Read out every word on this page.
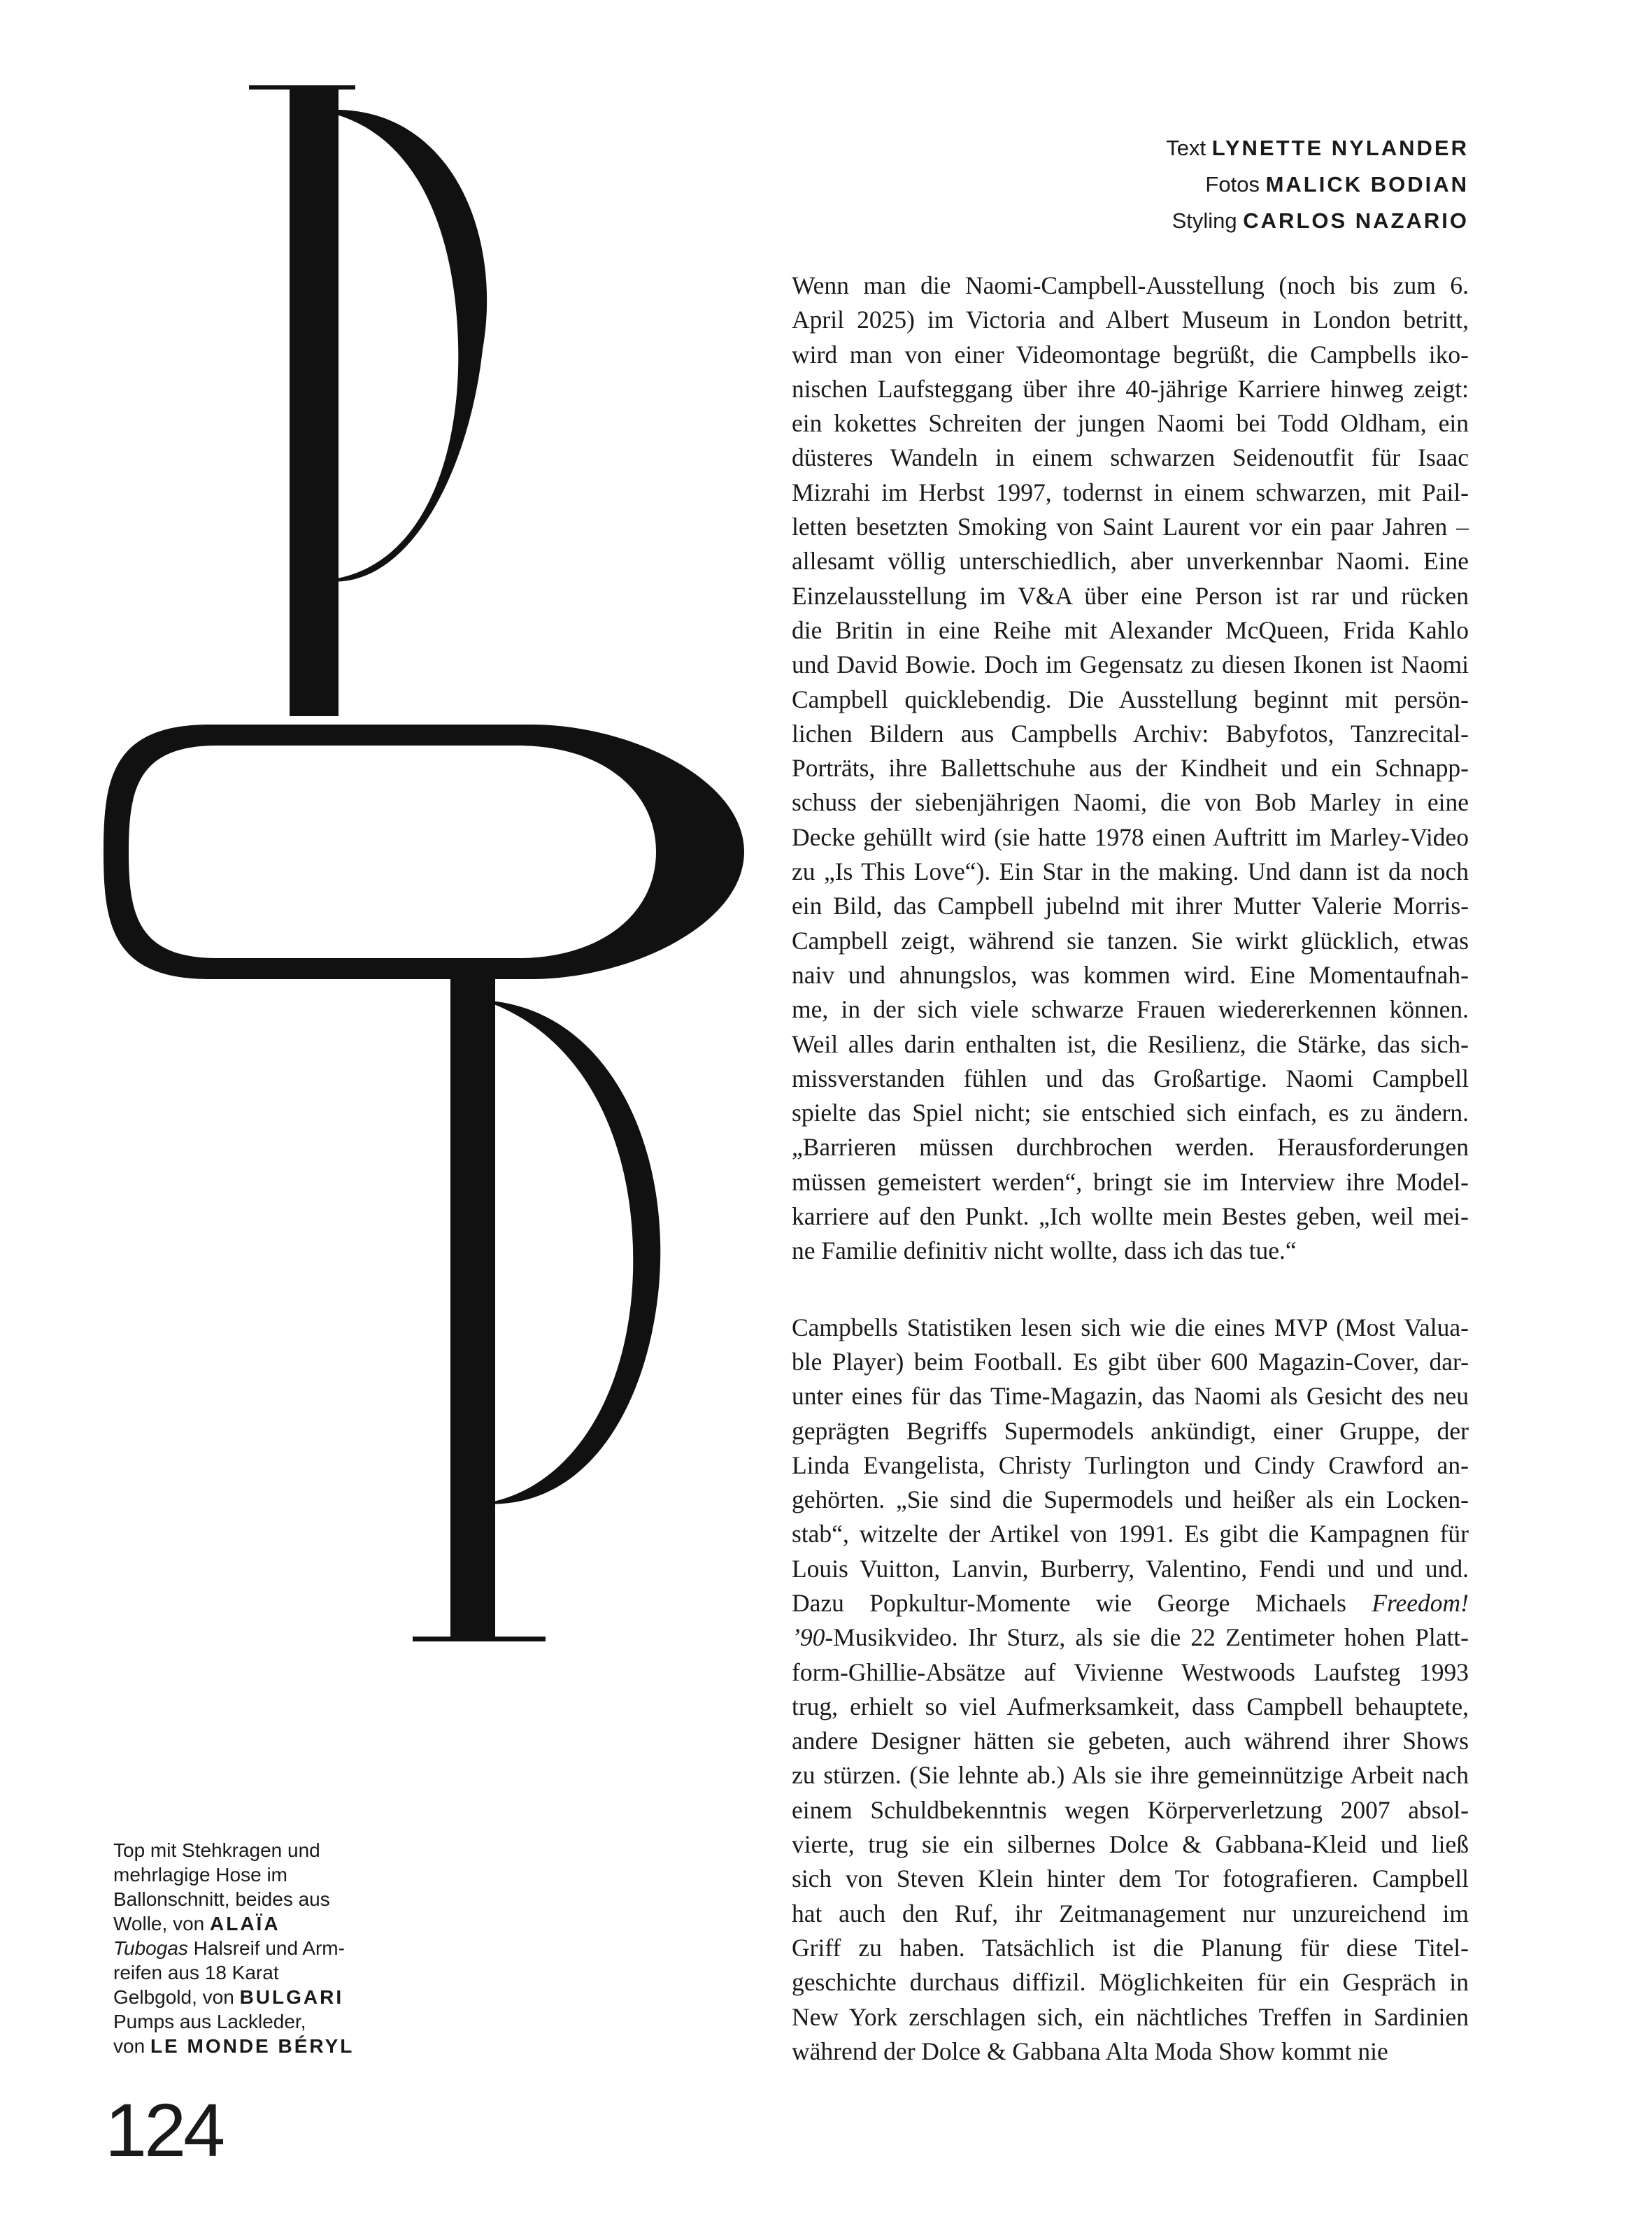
Text LYNETTE NYLANDER
Fotos MALICK BODIAN
Styling CARLOS NAZARIO

Wenn man die Naomi-Campbell-Ausstellung (noch bis zum 6.
April 2025) im Victoria and Albert Museum in London betritt,
wird man von einer Videomontage begrüßt, die Campbells iko-
nischen Laufsteggang über ihre 40-jährige Karriere hinweg zeigt:
ein kokettes Schreiten der jungen Naomi bei Todd Oldham, ein
düsteres Wandeln in einem schwarzen Seidenoutfit für Isaac
Mizrahi im Herbst 1997, todernst in einem schwarzen, mit Pail-
letten besetzten Smoking von Saint Laurent vor ein paar Jahren –
allesamt völlig unterschiedlich, aber unverkennbar Naomi. Eine
Einzelausstellung im V&A über eine Person ist rar und rücken
die Britin in eine Reihe mit Alexander McQueen, Frida Kahlo
und David Bowie. Doch im Gegensatz zu diesen Ikonen ist Naomi
Campbell quicklebendig. Die Ausstellung beginnt mit persön-
lichen Bildern aus Campbells Archiv: Babyfotos, Tanzrecital-
Porträts, ihre Ballettschuhe aus der Kindheit und ein Schnapp-
schuss der siebenjährigen Naomi, die von Bob Marley in eine
Decke gehüllt wird (sie hatte 1978 einen Auftritt im Marley-Video
zu „Is This Love“). Ein Star in the making. Und dann ist da noch
ein Bild, das Campbell jubelnd mit ihrer Mutter Valerie Morris-
Campbell zeigt, während sie tanzen. Sie wirkt glücklich, etwas
naiv und ahnungslos, was kommen wird. Eine Momentaufnah-
me, in der sich viele schwarze Frauen wiedererkennen können.
Weil alles darin enthalten ist, die Resilienz, die Stärke, das sich-
missverstanden fühlen und das Großartige. Naomi Campbell
spielte das Spiel nicht; sie entschied sich einfach, es zu ändern.
„Barrieren müssen durchbrochen werden. Herausforderungen
müssen gemeistert werden“, bringt sie im Interview ihre Model-
karriere auf den Punkt. „Ich wollte mein Bestes geben, weil mei-
ne Familie definitiv nicht wollte, dass ich das tue.“

Campbells Statistiken lesen sich wie die eines MVP (Most Valua-
ble Player) beim Football. Es gibt über 600 Magazin-Cover, dar-
unter eines für das Time-Magazin, das Naomi als Gesicht des neu
geprägten Begriffs Supermodels ankündigt, einer Gruppe, der
Linda Evangelista, Christy Turlington und Cindy Crawford an-
gehörten. „Sie sind die Supermodels und heißer als ein Locken-
stab“, witzelte der Artikel von 1991. Es gibt die Kampagnen für
Louis Vuitton, Lanvin, Burberry, Valentino, Fendi und und und.
Dazu Popkultur-Momente wie George Michaels Freedom!
’90-Musikvideo. Ihr Sturz, als sie die 22 Zentimeter hohen Platt-
form-Ghillie-Absätze auf Vivienne Westwoods Laufsteg 1993
trug, erhielt so viel Aufmerksamkeit, dass Campbell behauptete,
andere Designer hätten sie gebeten, auch während ihrer Shows
zu stürzen. (Sie lehnte ab.) Als sie ihre gemeinnützige Arbeit nach
einem Schuldbekenntnis wegen Körperverletzung 2007 absol-
vierte, trug sie ein silbernes Dolce & Gabbana-Kleid und ließ
sich von Steven Klein hinter dem Tor fotografieren. Campbell
hat auch den Ruf, ihr Zeitmanagement nur unzureichend im
Griff zu haben. Tatsächlich ist die Planung für diese Titel-
geschichte durchaus diffizil. Möglichkeiten für ein Gespräch in
New York zerschlagen sich, ein nächtliches Treffen in Sardinien
während der Dolce & Gabbana Alta Moda Show kommt nie

Top mit Stehkragen und
mehrlagige Hose im
Ballonschnitt, beides aus
Wolle, von ALAÏA
Tubogas Halsreif und Arm-
reifen aus 18 Karat
Gelbgold, von BULGARI
Pumps aus Lackleder,
von LE MONDE BÉRYL
124
